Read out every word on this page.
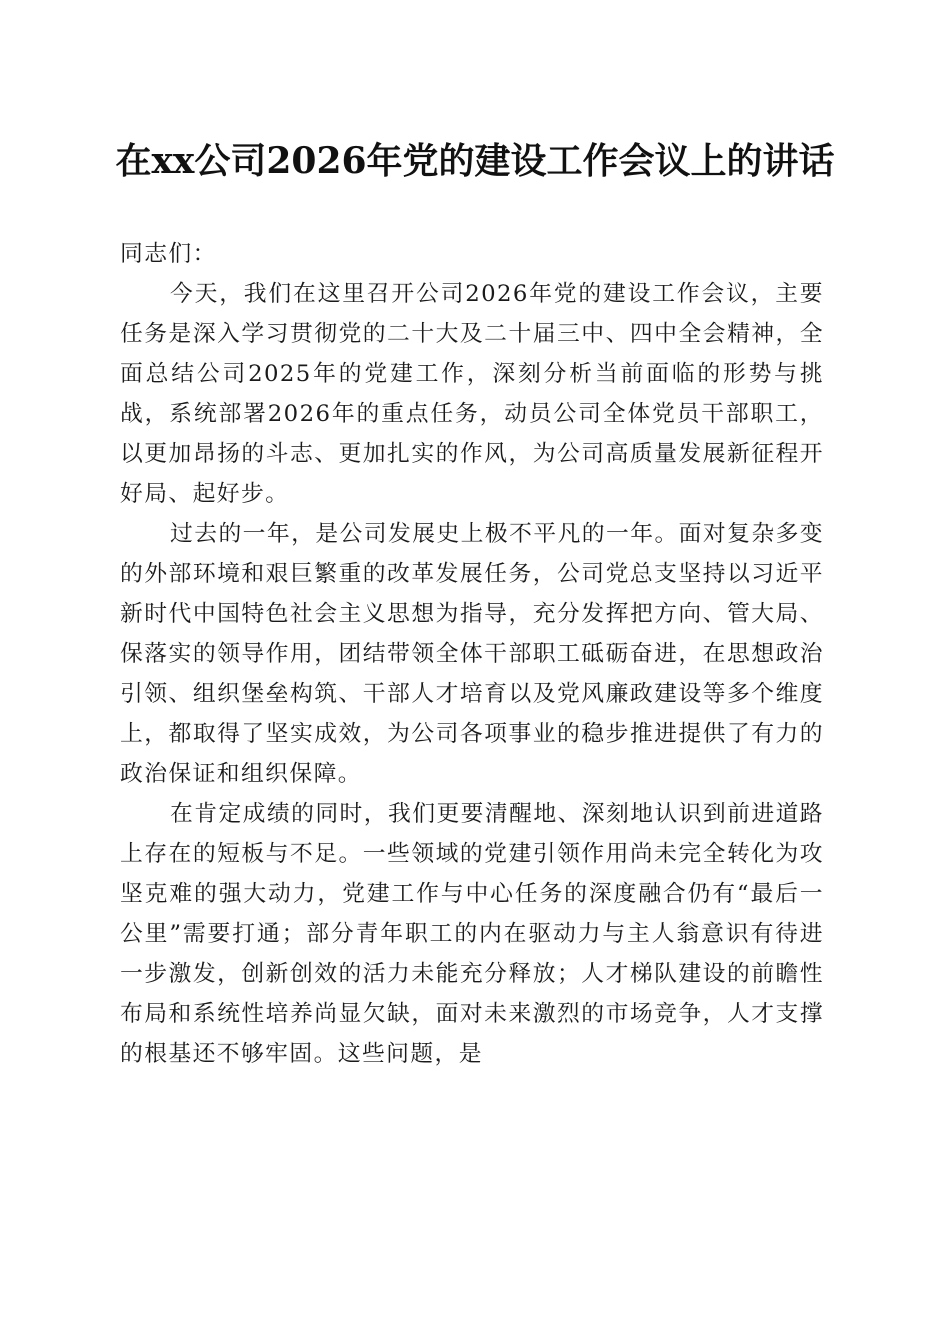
在xx公司2026年党的建设工作会议上的讲话

同志们：

今天，我们在这里召开公司2026年党的建设工作会议，主要任务是深入学习贯彻党的二十大及二十届三中、四中全会精神，全面总结公司2025年的党建工作，深刻分析当前面临的形势与挑战，系统部署2026年的重点任务，动员公司全体党员干部职工，以更加昂扬的斗志、更加扎实的作风，为公司高质量发展新征程开好局、起好步。

过去的一年，是公司发展史上极不平凡的一年。面对复杂多变的外部环境和艰巨繁重的改革发展任务，公司党总支坚持以习近平新时代中国特色社会主义思想为指导，充分发挥把方向、管大局、保落实的领导作用，团结带领全体干部职工砥砺奋进，在思想政治引领、组织堡垒构筑、干部人才培育以及党风廉政建设等多个维度上，都取得了坚实成效，为公司各项事业的稳步推进提供了有力的政治保证和组织保障。

在肯定成绩的同时，我们更要清醒地、深刻地认识到前进道路上存在的短板与不足。一些领域的党建引领作用尚未完全转化为攻坚克难的强大动力，党建工作与中心任务的深度融合仍有“最后一公里”需要打通；部分青年职工的内在驱动力与主人翁意识有待进一步激发，创新创效的活力未能充分释放；人才梯队建设的前瞻性布局和系统性培养尚显欠缺，面对未来激烈的市场竞争，人才支撑的根基还不够牢固。这些问题，是
